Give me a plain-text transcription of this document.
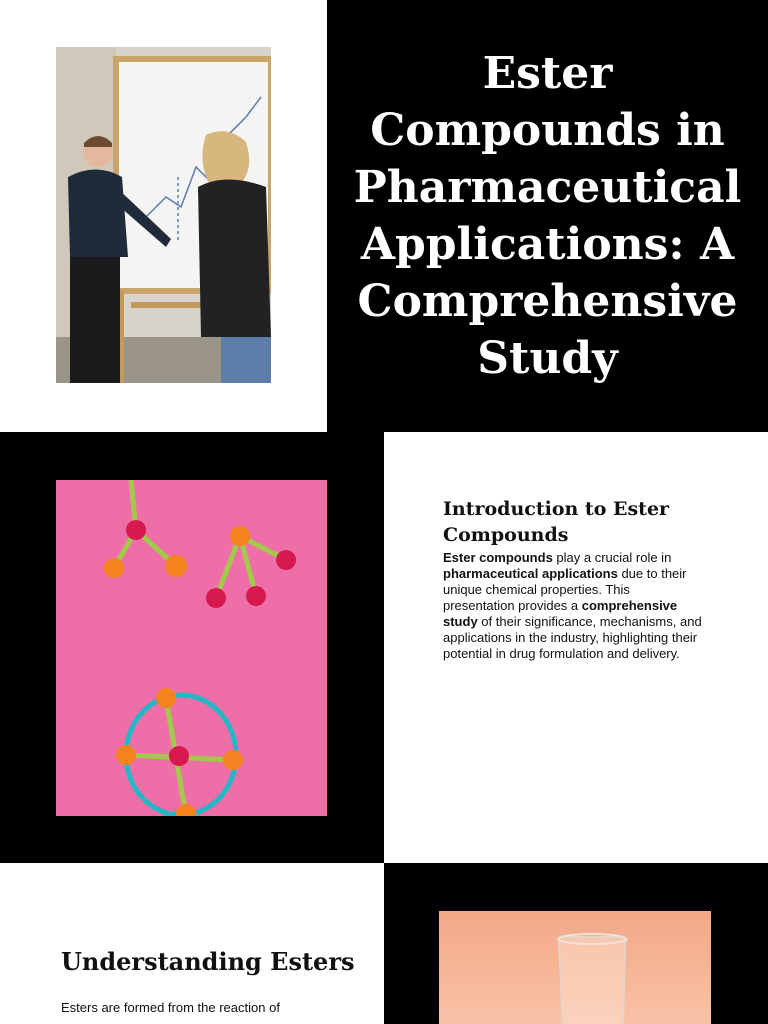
Ester Compounds in Pharmaceutical Applications: A Comprehensive Study
Introduction to Ester Compounds

Ester compounds play a crucial role in pharmaceutical applications due to their unique chemical properties. This presentation provides a comprehensive study of their significance, mechanisms, and applications in the industry, highlighting their potential in drug formulation and delivery.

Understanding Esters

Esters are formed from the reaction of
